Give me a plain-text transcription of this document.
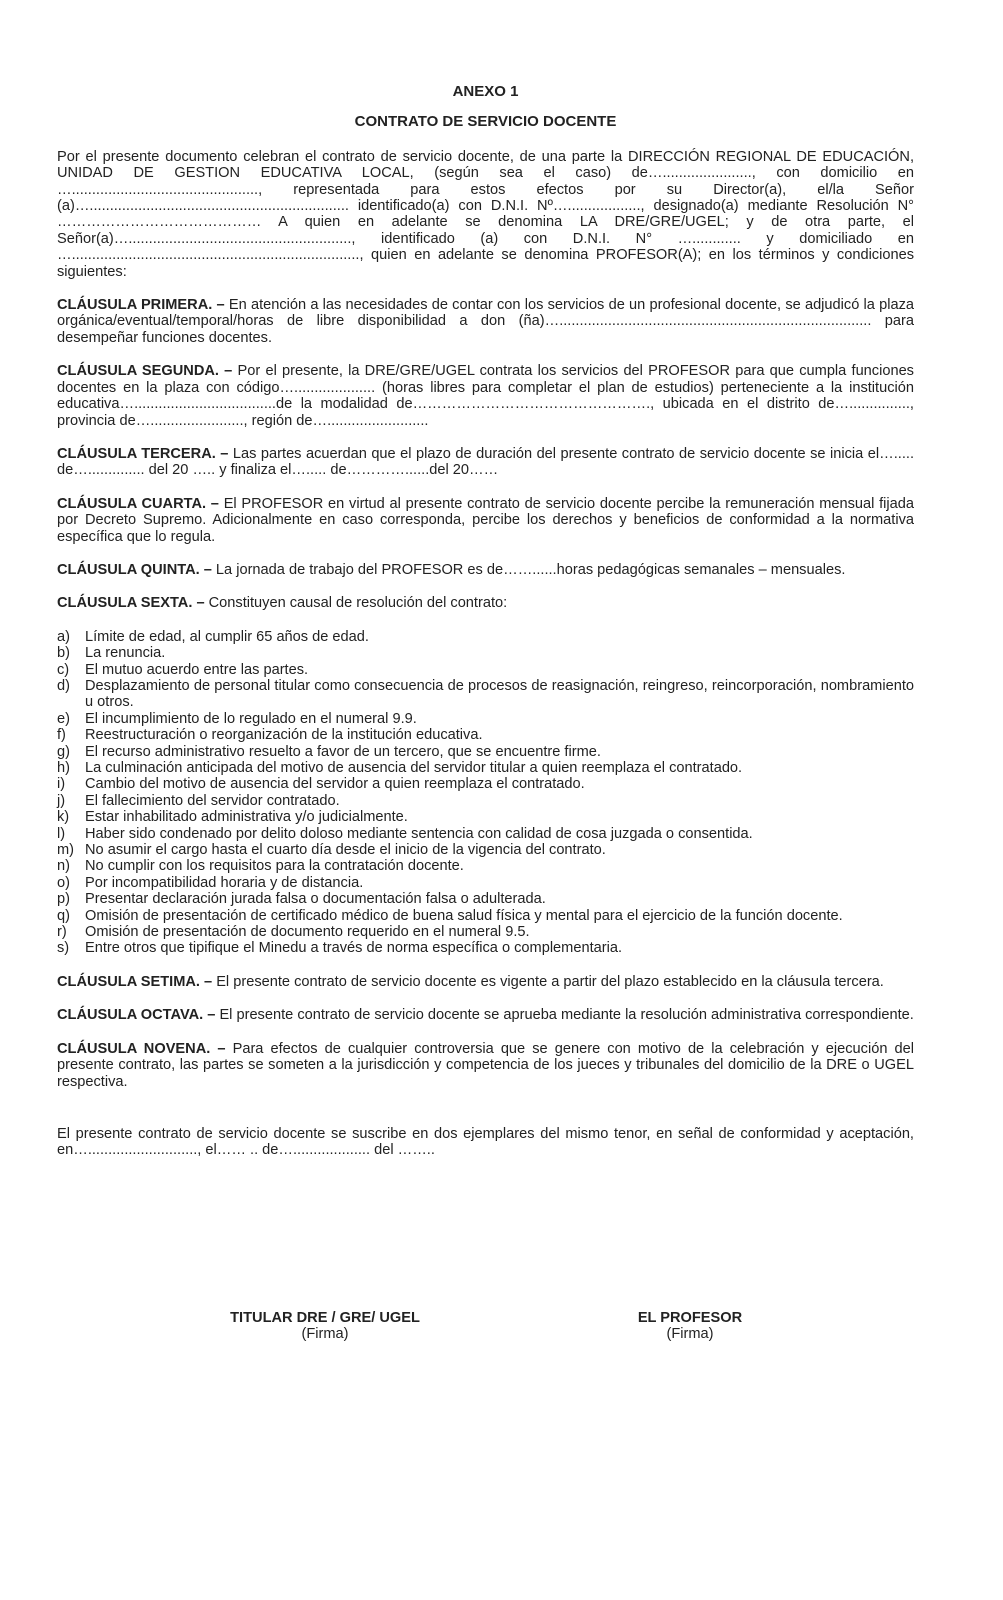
ANEXO 1
CONTRATO DE SERVICIO DOCENTE

Por el presente documento celebran el contrato de servicio docente, de una parte la DIRECCIÓN REGIONAL DE EDUCACIÓN, UNIDAD DE GESTION EDUCATIVA LOCAL, (según sea el caso) de…......................, con domicilio en ….............................................., representada para estos efectos por su Director(a), el/la Señor (a)…................................................................ identificado(a) con D.N.I. Nº….................., designado(a) mediante Resolución N° …………………………………… A quien en adelante se denomina LA DRE/GRE/UGEL; y de otra parte, el Señor(a)…......................................................., identificado (a) con D.N.I. N° …............ y domiciliado en …......................................................................., quien en adelante se denomina PROFESOR(A); en los términos y condiciones siguientes:

CLÁUSULA PRIMERA. – En atención a las necesidades de contar con los servicios de un profesional docente, se adjudicó la plaza orgánica/eventual/temporal/horas de libre disponibilidad a don (ña)…............................................................................. para desempeñar funciones docentes.

CLÁUSULA SEGUNDA. – Por el presente, la DRE/GRE/UGEL contrata los servicios del PROFESOR para que cumpla funciones docentes en la plaza con código….................... (horas libres para completar el plan de estudios) perteneciente a la institución educativa…...................................de la modalidad de…………………………………………., ubicada en el distrito de…..............., provincia de…......................., región de….........................

CLÁUSULA TERCERA. – Las partes acuerdan que el plazo de duración del presente contrato de servicio docente se inicia el…..... de….............. del 20 ….. y finaliza el…..... de…………......del 20……

CLÁUSULA CUARTA. – El PROFESOR en virtud al presente contrato de servicio docente percibe la remuneración mensual fijada por Decreto Supremo. Adicionalmente en caso corresponda, percibe los derechos y beneficios de conformidad a la normativa específica que lo regula.

CLÁUSULA QUINTA. – La jornada de trabajo del PROFESOR es de……......horas pedagógicas semanales – mensuales.

CLÁUSULA SEXTA. – Constituyen causal de resolución del contrato:

a)	Límite de edad, al cumplir 65 años de edad.
b)	La renuncia.
c)	El mutuo acuerdo entre las partes.
d)	Desplazamiento de personal titular como consecuencia de procesos de reasignación, reingreso, reincorporación, nombramiento u otros.
e)	El incumplimiento de lo regulado en el numeral 9.9.
f)	Reestructuración o reorganización de la institución educativa.
g)	El recurso administrativo resuelto a favor de un tercero, que se encuentre firme.
h)	La culminación anticipada del motivo de ausencia del servidor titular a quien reemplaza el contratado.
i)	Cambio del motivo de ausencia del servidor a quien reemplaza el contratado.
j)	El fallecimiento del servidor contratado.
k)	Estar inhabilitado administrativa y/o judicialmente.
l)	Haber sido condenado por delito doloso mediante sentencia con calidad de cosa juzgada o consentida.
m) No asumir el cargo hasta el cuarto día desde el inicio de la vigencia del contrato.
n)	No cumplir con los requisitos para la contratación docente.
o)	Por incompatibilidad horaria y de distancia.
p)	Presentar declaración jurada falsa o documentación falsa o adulterada.
q)	Omisión de presentación de certificado médico de buena salud física y mental para el ejercicio de la función docente.
r)	Omisión de presentación de documento requerido en el numeral 9.5.
s)	Entre otros que tipifique el Minedu a través de norma específica o complementaria.

CLÁUSULA SETIMA. – El presente contrato de servicio docente es vigente a partir del plazo establecido en la cláusula tercera.

CLÁUSULA OCTAVA. – El presente contrato de servicio docente se aprueba mediante la resolución administrativa correspondiente.

CLÁUSULA NOVENA. – Para efectos de cualquier controversia que se genere con motivo de la celebración y ejecución del presente contrato, las partes se someten a la jurisdicción y competencia de los jueces y tribunales del domicilio de la DRE o UGEL respectiva.

El presente contrato de servicio docente se suscribe en dos ejemplares del mismo tenor, en señal de conformidad y aceptación, en…..........................., el…… .. de…................... del ……..

TITULAR DRE / GRE/ UGEL
(Firma)
EL PROFESOR
(Firma)
